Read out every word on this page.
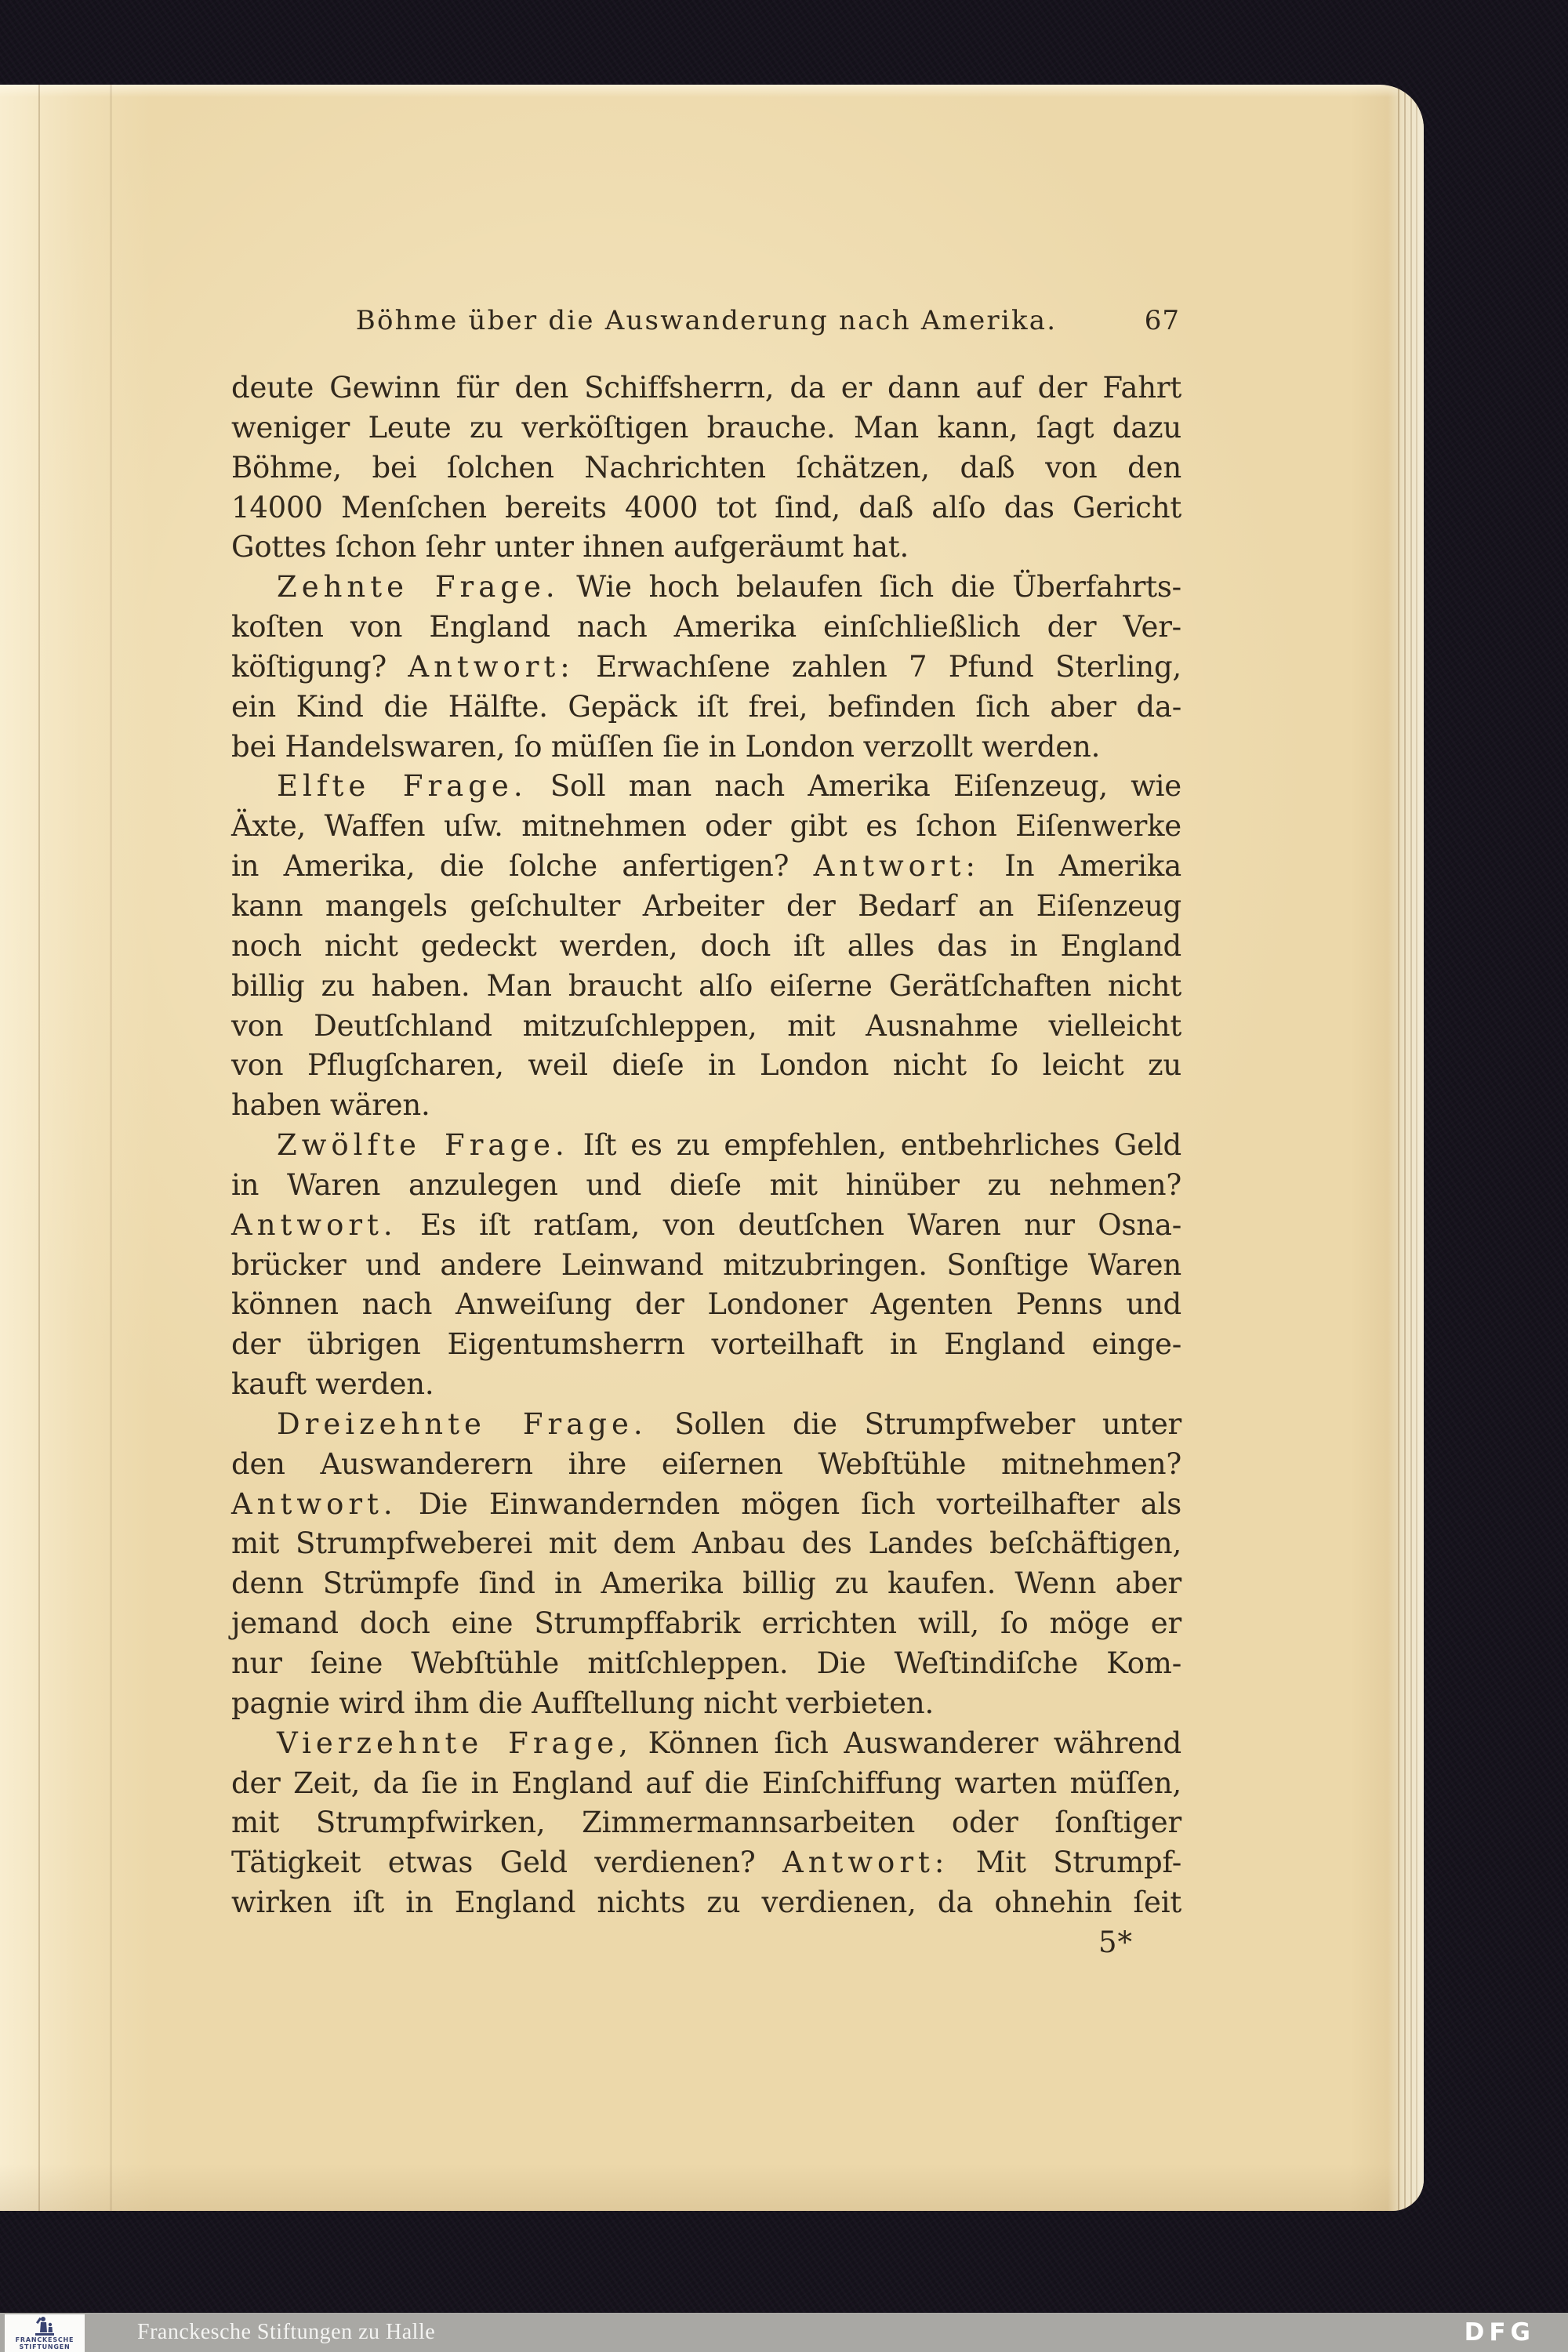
Böhme über die Auswanderung nach Amerika.	67
deute Gewinn für den Schiffsherrn, da er dann auf der Fahrt
weniger Leute zu verköſtigen brauche. Man kann, ſagt dazu
Böhme, bei ſolchen Nachrichten ſchätzen, daß von den
14000 Menſchen bereits 4000 tot ſind, daß alſo das Gericht
Gottes ſchon ſehr unter ihnen aufgeräumt hat.
Zehnte Frage. Wie hoch belaufen ſich die Überfahrts-
koſten von England nach Amerika einſchließlich der Ver-
köſtigung? Antwort: Erwachſene zahlen 7 Pfund Sterling,
ein Kind die Hälfte. Gepäck iſt frei, befinden ſich aber da-
bei Handelswaren, ſo müſſen ſie in London verzollt werden.
Elfte Frage. Soll man nach Amerika Eiſenzeug, wie
Äxte, Waffen uſw. mitnehmen oder gibt es ſchon Eiſenwerke
in Amerika, die ſolche anfertigen? Antwort: In Amerika
kann mangels geſchulter Arbeiter der Bedarf an Eiſenzeug
noch nicht gedeckt werden, doch iſt alles das in England
billig zu haben. Man braucht alſo eiſerne Gerätſchaften nicht
von Deutſchland mitzuſchleppen, mit Ausnahme vielleicht
von Pflugſcharen, weil dieſe in London nicht ſo leicht zu
haben wären.
Zwölfte Frage. Iſt es zu empfehlen, entbehrliches Geld
in Waren anzulegen und dieſe mit hinüber zu nehmen?
Antwort. Es iſt ratſam, von deutſchen Waren nur Osna-
brücker und andere Leinwand mitzubringen. Sonſtige Waren
können nach Anweiſung der Londoner Agenten Penns und
der übrigen Eigentumsherrn vorteilhaft in England einge-
kauft werden.
Dreizehnte Frage. Sollen die Strumpfweber unter
den Auswanderern ihre eiſernen Webſtühle mitnehmen?
Antwort. Die Einwandernden mögen ſich vorteilhafter als
mit Strumpfweberei mit dem Anbau des Landes beſchäftigen,
denn Strümpfe ſind in Amerika billig zu kaufen. Wenn aber
jemand doch eine Strumpffabrik errichten will, ſo möge er
nur ſeine Webſtühle mitſchleppen. Die Weſtindiſche Kom-
pagnie wird ihm die Aufſtellung nicht verbieten.
Vierzehnte Frage, Können ſich Auswanderer während
der Zeit, da ſie in England auf die Einſchiffung warten müſſen,
mit Strumpfwirken, Zimmermannsarbeiten oder ſonſtiger
Tätigkeit etwas Geld verdienen? Antwort: Mit Strumpf-
wirken iſt in England nichts zu verdienen, da ohnehin ſeit
5*
FRANCKESCHE
STIFTUNGEN
Franckesche Stiftungen zu Halle	DFG
